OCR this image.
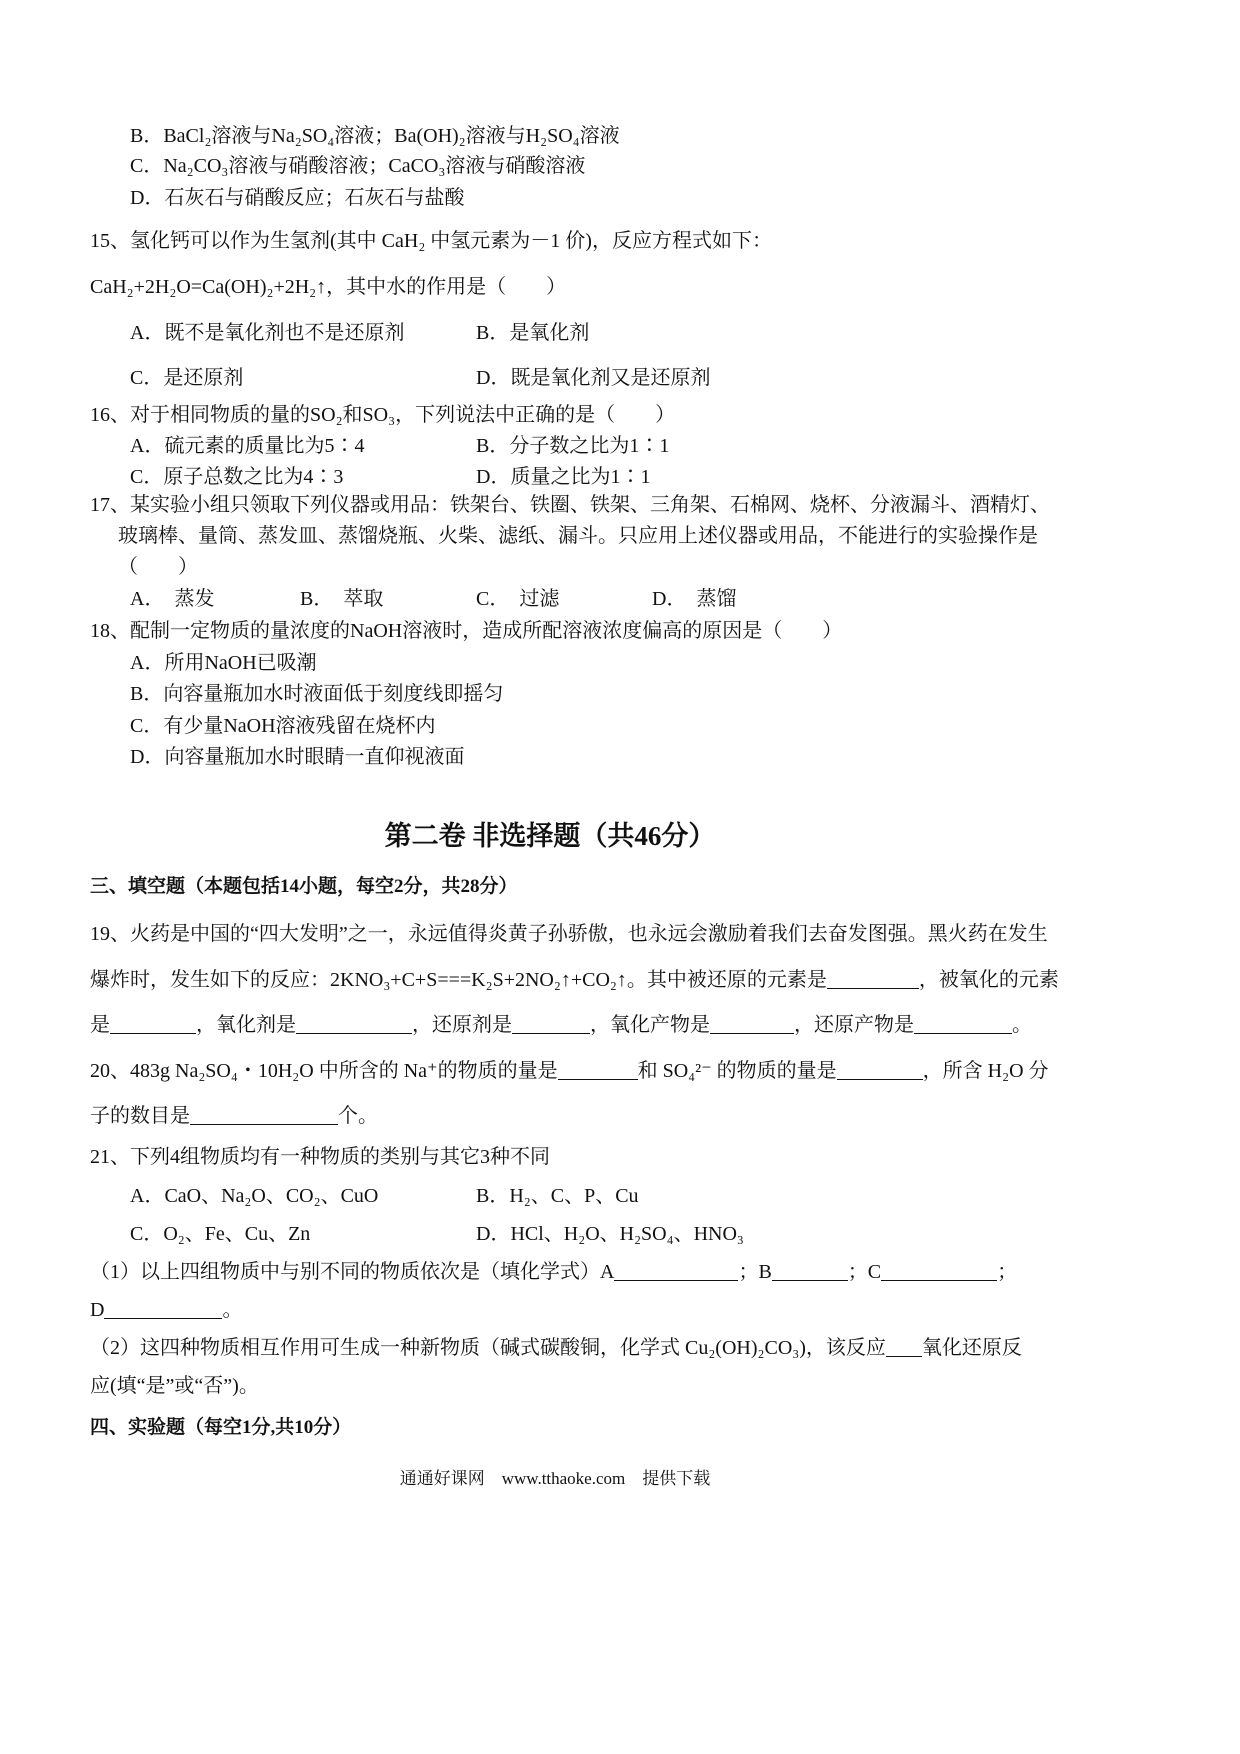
B．BaCl₂溶液与Na₂SO₄溶液；Ba(OH)₂溶液与H₂SO₄溶液
C．Na₂CO₃溶液与硝酸溶液；CaCO₃溶液与硝酸溶液
D．石灰石与硝酸反应；石灰石与盐酸
15、氢化钙可以作为生氢剂(其中 CaH₂ 中氢元素为－1 价)，反应方程式如下：
CaH₂+2H₂O=Ca(OH)₂+2H₂↑，其中水的作用是（　　）
A．既不是氧化剂也不是还原剂	B．是氧化剂
C．是还原剂	D．既是氧化剂又是还原剂
16、对于相同物质的量的SO₂和SO₃，下列说法中正确的是（　　）
A．硫元素的质量比为5∶4	B．分子数之比为1∶1
C．原子总数之比为4∶3	D．质量之比为1∶1
17、某实验小组只领取下列仪器或用品：铁架台、铁圈、铁架、三角架、石棉网、烧杯、分液漏斗、酒精灯、
玻璃棒、量筒、蒸发皿、蒸馏烧瓶、火柴、滤纸、漏斗。只应用上述仪器或用品，不能进行的实验操作是
（　　）
A．　蒸发	B．　萃取	C．　过滤	D．　蒸馏
18、配制一定物质的量浓度的NaOH溶液时，造成所配溶液浓度偏高的原因是（　　）
A．所用NaOH已吸潮
B．向容量瓶加水时液面低于刻度线即摇匀
C．有少量NaOH溶液残留在烧杯内
D．向容量瓶加水时眼睛一直仰视液面
第二卷 非选择题（共46分）
三、填空题（本题包括14小题，每空2分，共28分）
19、火药是中国的“四大发明”之一，永远值得炎黄子孙骄傲，也永远会激励着我们去奋发图强。黑火药在发生
爆炸时，发生如下的反应：2KNO₃+C+S===K₂S+2NO₂↑+CO₂↑。其中被还原的元素是	，被氧化的元素
是	，氧化剂是	，还原剂是	，氧化产物是	，还原产物是	。
20、483g Na₂SO₄・10H₂O 中所含的 Na⁺的物质的量是	和 SO₄²⁻ 的物质的量是	，所含 H₂O 分
子的数目是	个。
21、下列4组物质均有一种物质的类别与其它3种不同
A．CaO、Na₂O、CO₂、CuO	B．H₂、C、P、Cu
C．O₂、Fe、Cu、Zn	D．HCl、H₂O、H₂SO₄、HNO₃
（1）以上四组物质中与别不同的物质依次是（填化学式）A	；B	；C	；
D	。
（2）这四种物质相互作用可生成一种新物质（碱式碳酸铜，化学式 Cu₂(OH)₂CO₃)，该反应 氧化还原反
应(填“是”或“否”)。
四、实验题（每空1分,共10分）
通通好课网　www.tthaoke.com　提供下载
